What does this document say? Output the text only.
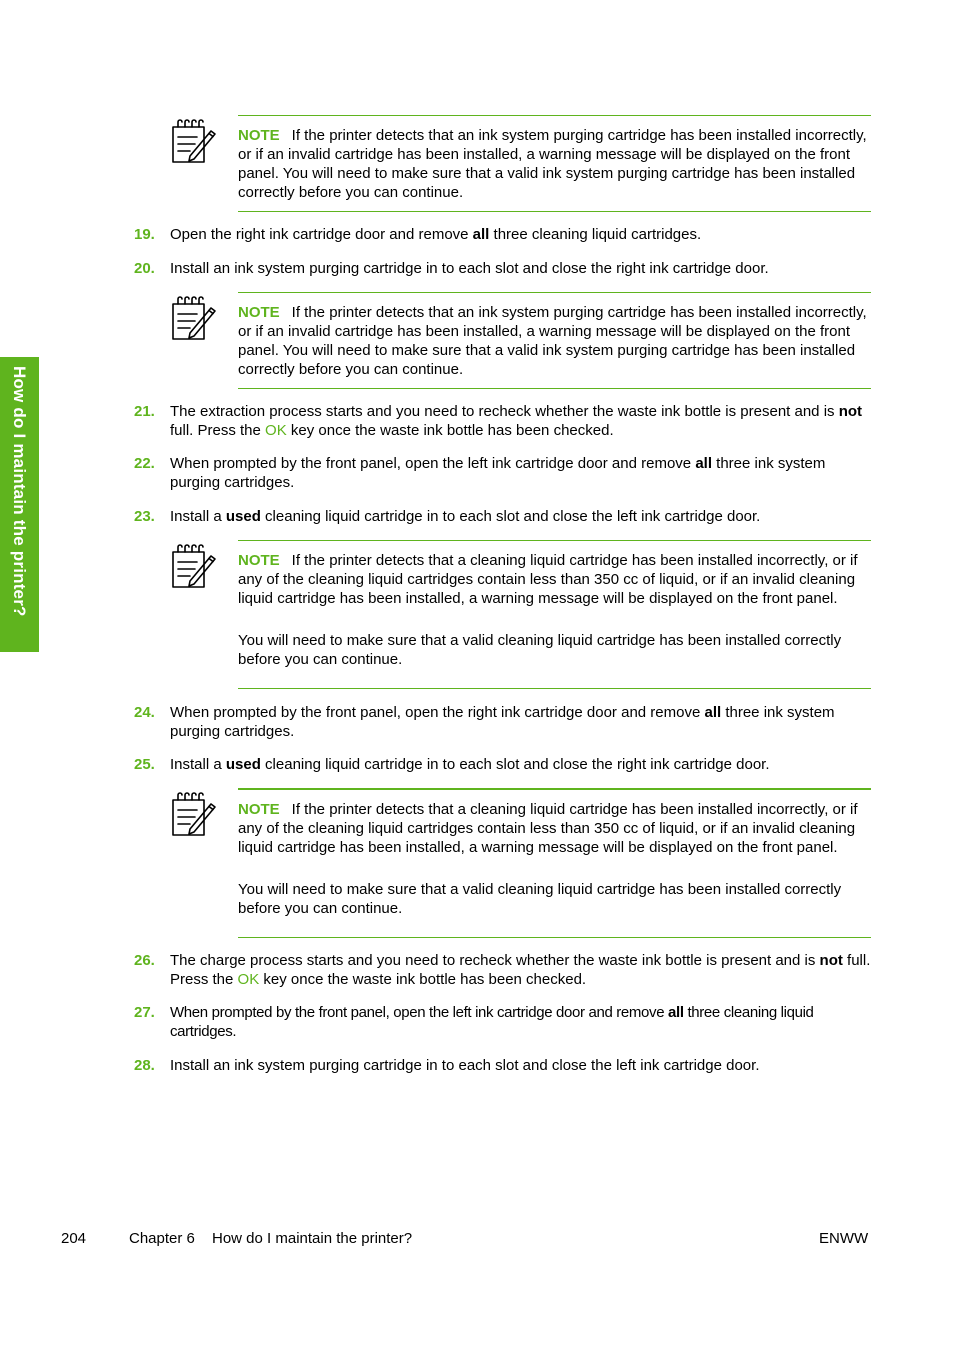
How do I maintain the printer?

NOTE If the printer detects that an ink system purging cartridge has been installed incorrectly, or if an invalid cartridge has been installed, a warning message will be displayed on the front panel. You will need to make sure that a valid ink system purging cartridge has been installed correctly before you can continue.

NOTE If the printer detects that an ink system purging cartridge has been installed incorrectly, or if an invalid cartridge has been installed, a warning message will be displayed on the front panel. You will need to make sure that a valid ink system purging cartridge has been installed correctly before you can continue.

NOTE If the printer detects that a cleaning liquid cartridge has been installed incorrectly, or if any of the cleaning liquid cartridges contain less than 350 cc of liquid, or if an invalid cleaning liquid cartridge has been installed, a warning message will be displayed on the front panel.

You will need to make sure that a valid cleaning liquid cartridge has been installed correctly before you can continue.

NOTE If the printer detects that a cleaning liquid cartridge has been installed incorrectly, or if any of the cleaning liquid cartridges contain less than 350 cc of liquid, or if an invalid cleaning liquid cartridge has been installed, a warning message will be displayed on the front panel.

You will need to make sure that a valid cleaning liquid cartridge has been installed correctly before you can continue.

19.	Open the right ink cartridge door and remove all three cleaning liquid cartridges.
20.	Install an ink system purging cartridge in to each slot and close the right ink cartridge door.
21.	The extraction process starts and you need to recheck whether the waste ink bottle is present and is not full. Press the OK key once the waste ink bottle has been checked.
22.	When prompted by the front panel, open the left ink cartridge door and remove all three ink system purging cartridges.
23.	Install a used cleaning liquid cartridge in to each slot and close the left ink cartridge door.
24.	When prompted by the front panel, open the right ink cartridge door and remove all three ink system purging cartridges.
25.	Install a used cleaning liquid cartridge in to each slot and close the right ink cartridge door.
26.	The charge process starts and you need to recheck whether the waste ink bottle is present and is not full. Press the OK key once the waste ink bottle has been checked.
27.	When prompted by the front panel, open the left ink cartridge door and remove all three cleaning liquid cartridges.
28.	Install an ink system purging cartridge in to each slot and close the left ink cartridge door.
204	Chapter 6 How do I maintain the printer?	ENWW
